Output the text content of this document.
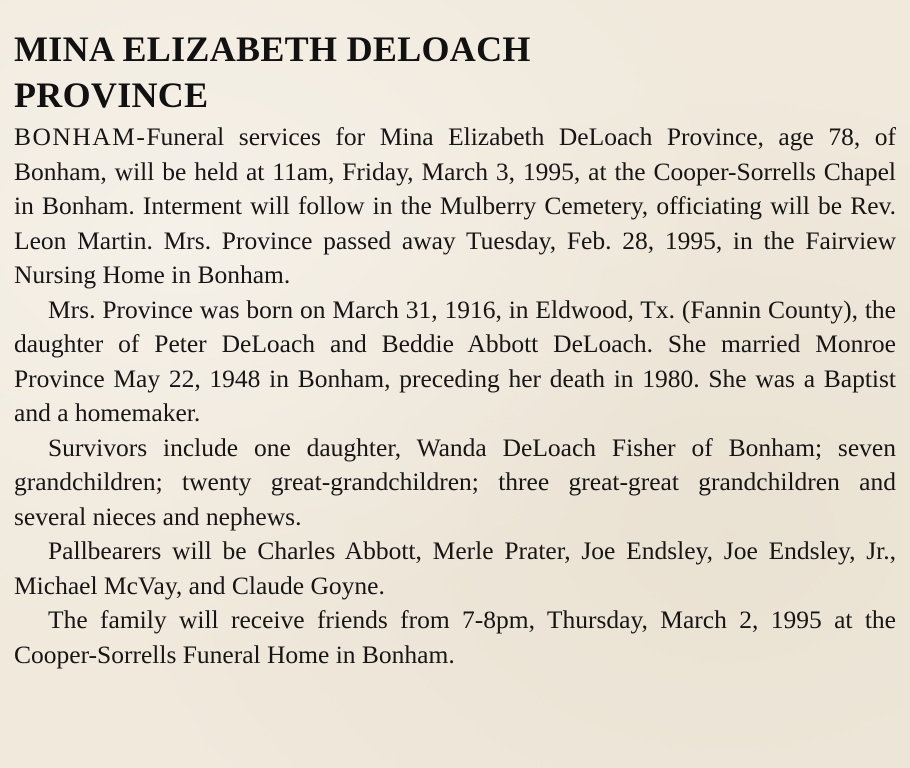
MINA ELIZABETH DELOACH
PROVINCE

BONHAM-Funeral services for Mina Elizabeth DeLoach Province, age 78, of Bonham, will be held at 11am, Friday, March 3, 1995, at the Cooper-Sorrells Chapel in Bonham. Interment will follow in the Mulberry Cemetery, officiating will be Rev. Leon Martin. Mrs. Province passed away Tuesday, Feb. 28, 1995, in the Fairview Nursing Home in Bonham.

Mrs. Province was born on March 31, 1916, in Eldwood, Tx. (Fannin County), the daughter of Peter DeLoach and Beddie Abbott DeLoach. She married Monroe Province May 22, 1948 in Bonham, preceding her death in 1980. She was a Baptist and a homemaker.

Survivors include one daughter, Wanda DeLoach Fisher of Bonham; seven grandchildren; twenty great-grandchildren; three great-great grandchildren and several nieces and nephews.

Pallbearers will be Charles Abbott, Merle Prater, Joe Endsley, Joe Endsley, Jr., Michael McVay, and Claude Goyne.

The family will receive friends from 7-8pm, Thursday, March 2, 1995 at the Cooper-Sorrells Funeral Home in Bonham.
